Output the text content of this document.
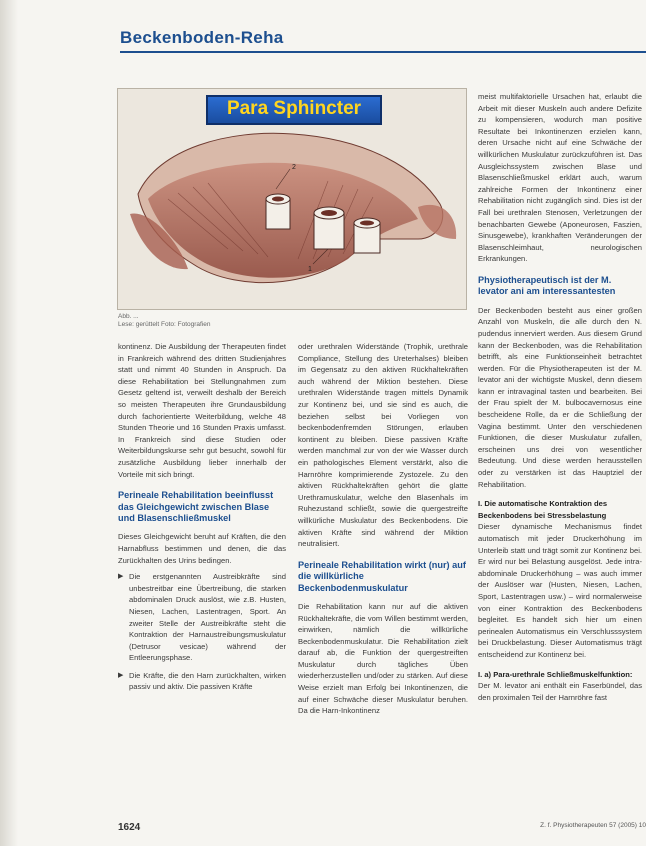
Beckenboden-Reha
2
1
Para Sphincter
Abb. ...
Lese: gerüttelt Foto: Fotografien

kontinenz. Die Ausbildung der Therapeuten findet in Frankreich während des dritten Studienjahres statt und nimmt 40 Stunden in Anspruch. Da diese Rehabilitation bei Stellungnahmen zum Gesetz geltend ist, verweilt deshalb der Bereich so meisten Therapeuten ihre Grundausbildung durch fachorientierte Weiterbildung, welche 48 Stunden Theorie und 16 Stunden Praxis umfasst. In Frankreich sind diese Studien oder Weiterbildungskurse sehr gut besucht, sowohl für zusätzliche Ausbildung lieber innerhalb der Vorteile mit sich bringt.

Perineale Rehabilitation beeinflusst das Gleichgewicht zwischen Blase und Blasenschließmuskel

Dieses Gleichgewicht beruht auf Kräften, die den Harnabfluss bestimmen und denen, die das Zurückhalten des Urins bedingen.

▶ Die erstgenannten Austreibkräfte sind unbestreitbar eine Übertreibung, die starken abdominalen Druck auslöst, wie z.B. Husten, Niesen, Lachen, Lastentragen, Sport. An zweiter Stelle der Austreibkräfte steht die Kontraktion der Harnaustreibungsmuskulatur (Detrusor vesicae) während der Entleerungsphase.
▶ Die Kräfte, die den Harn zurückhalten, wirken passiv und aktiv. Die passiven Kräfte

oder urethralen Widerstände (Trophik, urethrale Compliance, Stellung des Ureterhalses) bleiben im Gegensatz zu den aktiven Rückhaltekräften auch während der Miktion bestehen. Diese urethralen Widerstände tragen mittels Dynamik zur Kontinenz bei, und sie sind es auch, die beziehen selbst bei Vorliegen von beckenbodenfremden Störungen, erlauben kontinent zu bleiben. Diese passiven Kräfte werden manchmal zur von der wie Wasser durch ein pathologisches Element verstärkt, also die Harnröhre komprimierende Zystozele. Zu den aktiven Rückhaltekräften gehört die glatte Urethramuskulatur, welche den Blasenhals im Ruhezustand schließt, sowie die quergestreifte willkürliche Muskulatur des Beckenbodens. Die aktiven Kräfte sind während der Miktion neutralisiert.

Perineale Rehabilitation wirkt (nur) auf die willkürliche Beckenbodenmuskulatur

Die Rehabilitation kann nur auf die aktiven Rückhaltekräfte, die vom Willen bestimmt werden, einwirken, nämlich die willkürliche Beckenbodenmuskulatur. Die Rehabilitation zielt darauf ab, die Funktion der quergestreiften Muskulatur durch tägliches Üben wiederherzustellen und/oder zu stärken. Auf diese Weise erzielt man Erfolg bei Inkontinenzen, die auf einer Schwäche dieser Muskulatur beruhen. Da die Harn-Inkontinenz

meist multifaktorielle Ursachen hat, erlaubt die Arbeit mit dieser Muskeln auch andere Defizite zu kompensieren, wodurch man positive Resultate bei Inkontinenzen erzielen kann, deren Ursache nicht auf eine Schwäche der willkürlichen Muskulatur zurückzuführen ist. Das Ausgleichssystem zwischen Blase und Blasenschließmuskel erklärt auch, warum zahlreiche Formen der Inkontinenz einer Rehabilitation nicht zugänglich sind. Dies ist der Fall bei urethralen Stenosen, Verletzungen der benachbarten Gewebe (Aponeurosen, Faszien, Sinusgewebe), krankhaften Veränderungen der Blasenschleimhaut, neurologischen Erkrankungen.

Physiotherapeutisch ist der M. levator ani am interessantesten

Der Beckenboden besteht aus einer großen Anzahl von Muskeln, die alle durch den N. pudendus innerviert werden. Aus diesem Grund kann der Beckenboden, was die Rehabilitation betrifft, als eine Funktionseinheit betrachtet werden. Für die Physiotherapeuten ist der M. levator ani der wichtigste Muskel, denn diesem kann er intravaginal tasten und bearbeiten. Bei der Frau spielt der M. bulbocavernosus eine bescheidene Rolle, da er die Schließung der Vagina bestimmt. Unter den verschiedenen Funktionen, die dieser Muskulatur zufallen, erscheinen uns drei von wesentlicher Bedeutung. Und diese werden herausstellen oder zu verstärken ist das Hauptziel der Rehabilitation.

I. Die automatische Kontraktion des Beckenbodens bei Stressbelastung

Dieser dynamische Mechanismus findet automatisch mit jeder Druckerhöhung im Unterleib statt und trägt somit zur Kontinenz bei. Er wird nur bei Belastung ausgelöst. Jede intra-abdominale Druckerhöhung – was auch immer der Auslöser war (Husten, Niesen, Lachen, Sport, Lastentragen usw.) – wird normalerweise von einer Kontraktion des Beckenbodens begleitet. Es handelt sich hier um einen perinealen Automatismus ein Verschlusssystem bei Druckbelastung. Dieser Automatismus trägt entscheidend zur Kontinenz bei.

I. a) Para-urethrale Schließmuskelfunktion:

Der M. levator ani enthält ein Faserbündel, das den proximalen Teil der Harnröhre fast

1624	Z. f. Physiotherapeuten 57 (2005) 10
